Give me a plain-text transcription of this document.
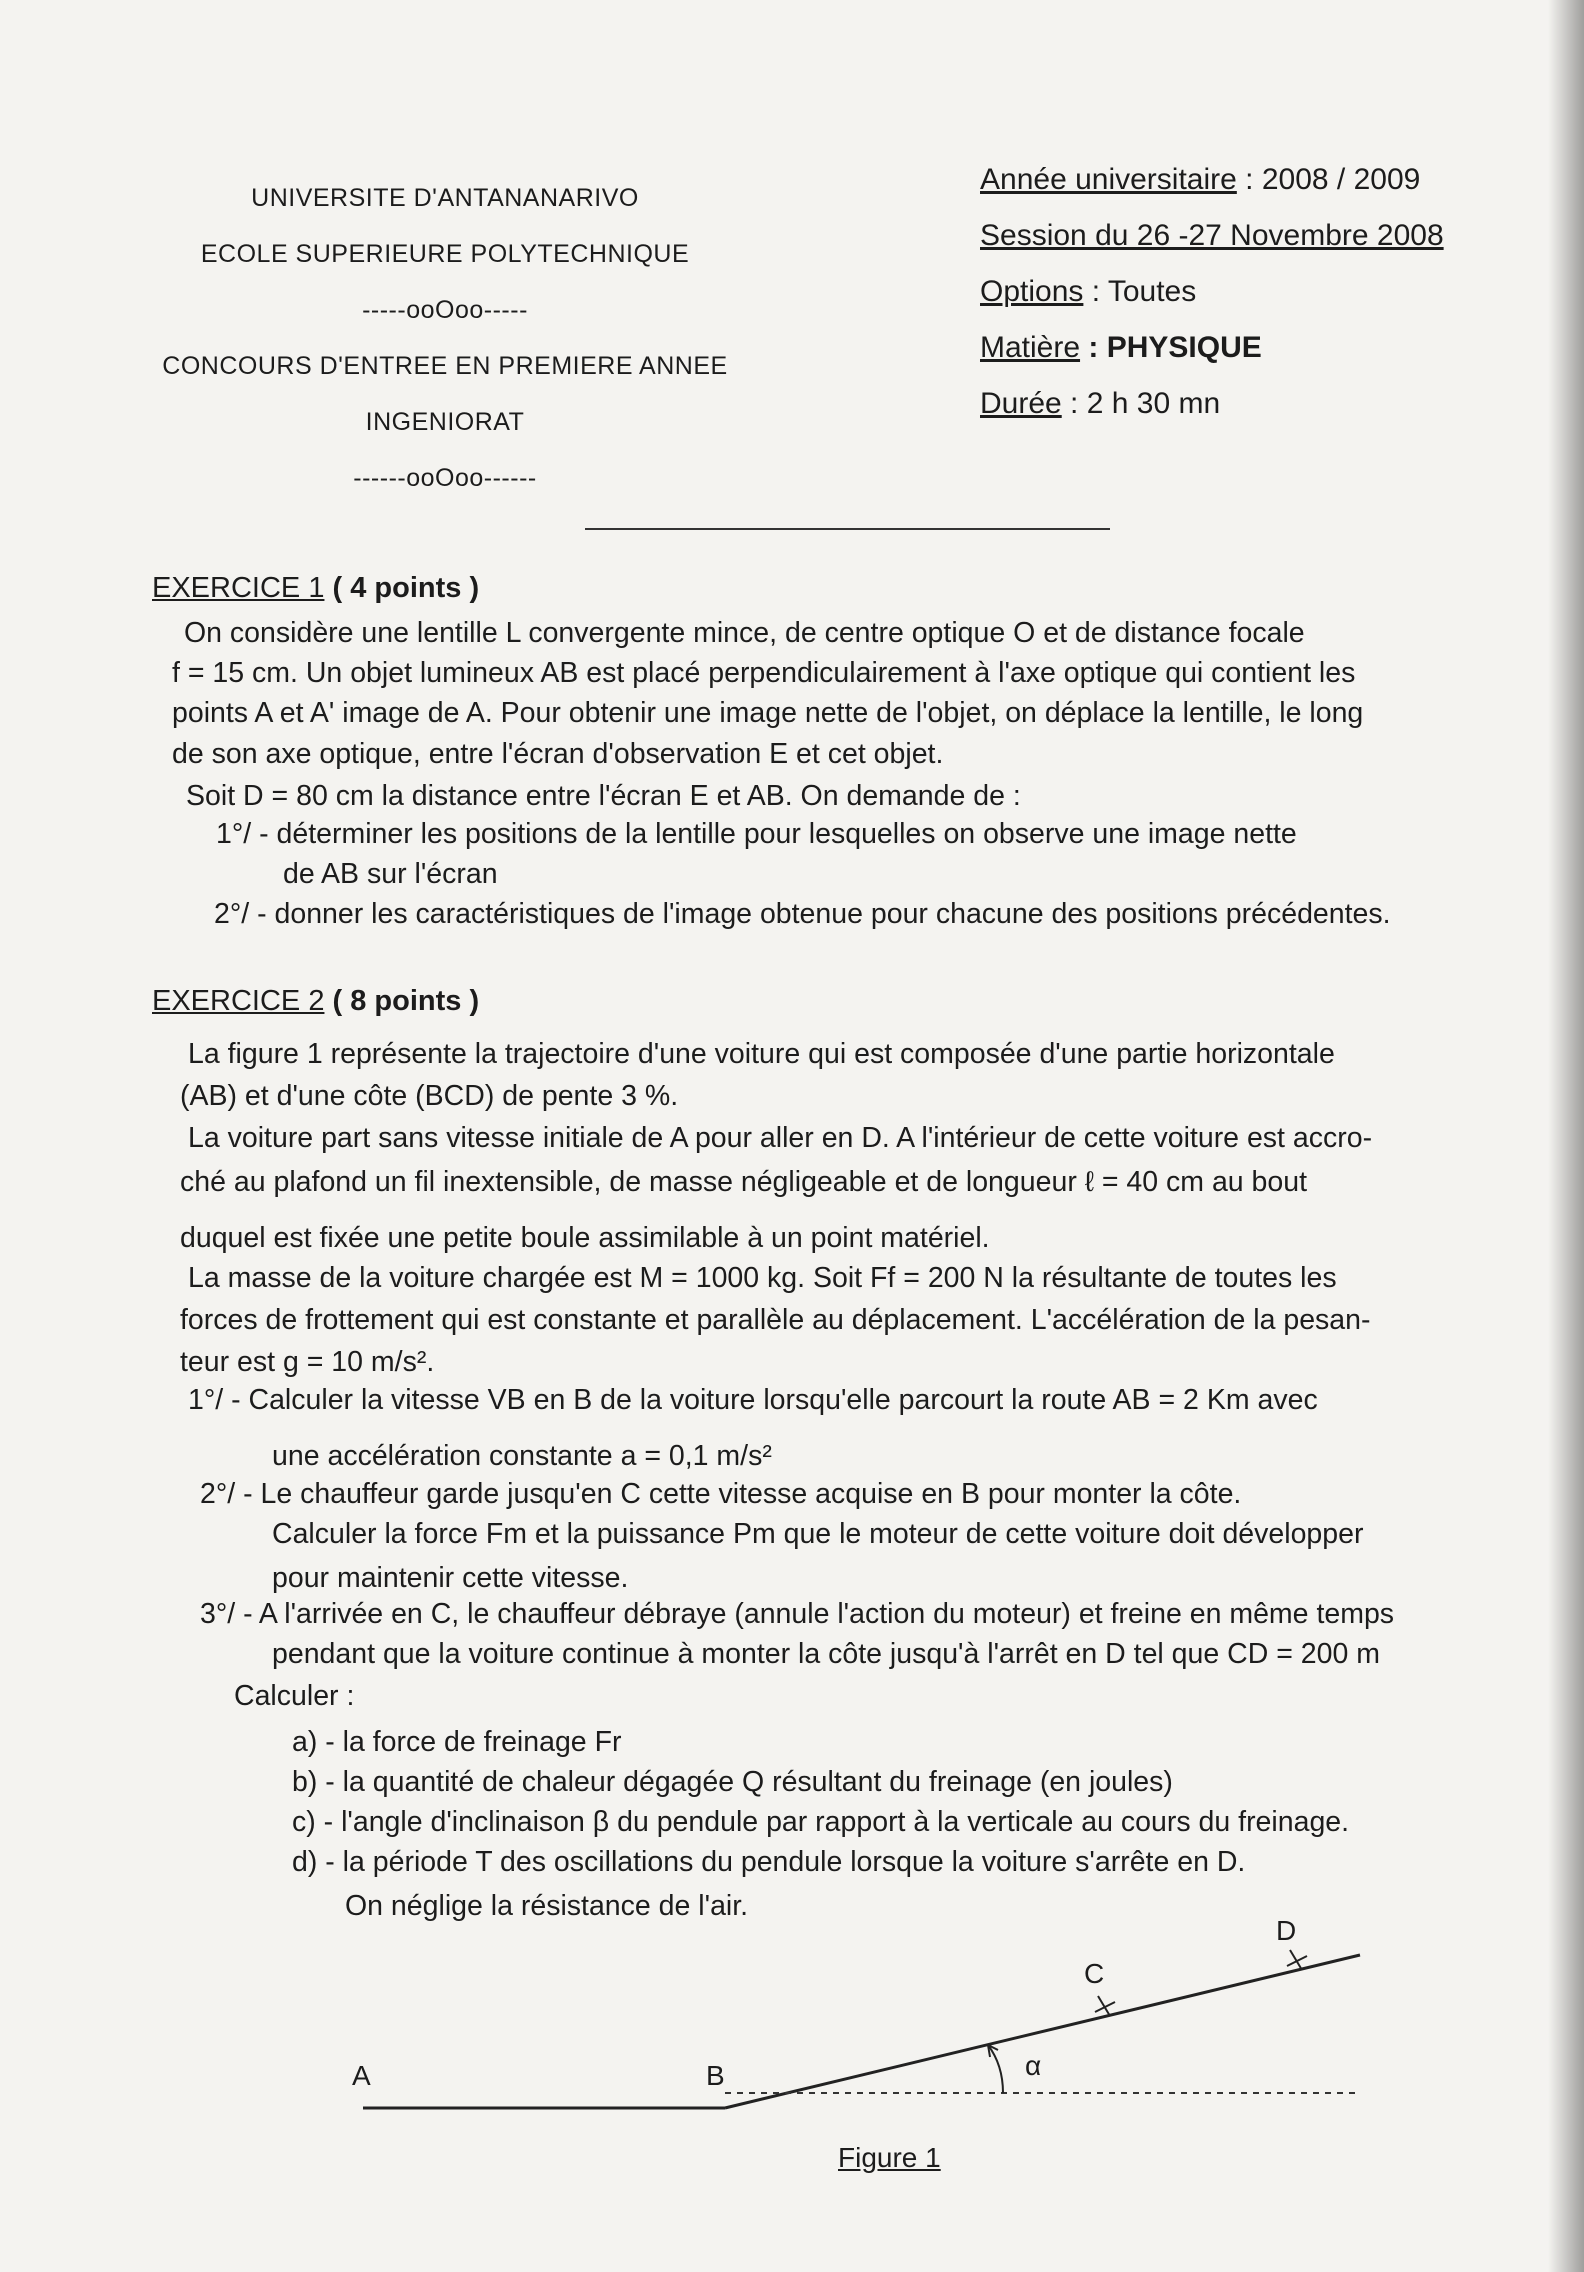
UNIVERSITE D'ANTANANARIVO
ECOLE SUPERIEURE POLYTECHNIQUE
-----ooOoo-----
CONCOURS D'ENTREE EN PREMIERE ANNEE
INGENIORAT
------ooOoo------
Année universitaire : 2008 / 2009
Session du 26 -27 Novembre 2008
Options : Toutes
Matière : PHYSIQUE
Durée : 2 h 30 mn
EXERCICE 1 ( 4 points )
On considère une lentille L convergente mince, de centre optique O et de distance focale
f = 15 cm. Un objet lumineux AB est placé perpendiculairement à l'axe optique qui contient les
points A et A' image de A. Pour obtenir une image nette de l'objet, on déplace la lentille, le long
de son axe optique, entre l'écran d'observation E et cet objet.
Soit D = 80 cm la distance entre l'écran E et AB. On demande de :
1°/ - déterminer les positions de la lentille pour lesquelles on observe une image nette
de AB sur l'écran
2°/ - donner les caractéristiques de l'image obtenue pour chacune des positions précédentes.
EXERCICE 2 ( 8 points )
La figure 1 représente la trajectoire d'une voiture qui est composée d'une partie horizontale
(AB) et d'une côte (BCD) de pente 3 %.
La voiture part sans vitesse initiale de A pour aller en D. A l'intérieur de cette voiture est accro-
ché au plafond un fil inextensible, de masse négligeable et de longueur ℓ = 40 cm au bout
duquel est fixée une petite boule assimilable à un point matériel.
La masse de la voiture chargée est M = 1000 kg. Soit Ff = 200 N la résultante de toutes les
forces de frottement qui est constante et parallèle au déplacement. L'accélération de la pesan-
teur est g = 10 m/s².
1°/ - Calculer la vitesse VB en B de la voiture lorsqu'elle parcourt la route AB = 2 Km avec
une accélération constante a = 0,1 m/s²
2°/ - Le chauffeur garde jusqu'en C cette vitesse acquise en B pour monter la côte.
Calculer la force Fm et la puissance Pm que le moteur de cette voiture doit développer
pour maintenir cette vitesse.
3°/ - A l'arrivée en C, le chauffeur débraye (annule l'action du moteur) et freine en même temps
pendant que la voiture continue à monter la côte jusqu'à l'arrêt en D tel que CD = 200 m
Calculer :
a) - la force de freinage Fr
b) - la quantité de chaleur dégagée Q résultant du freinage (en joules)
c) - l'angle d'inclinaison β du pendule par rapport à la verticale au cours du freinage.
d) - la période T des oscillations du pendule lorsque la voiture s'arrête en D.
On néglige la résistance de l'air.
A	B
C
D
α
Figure 1
